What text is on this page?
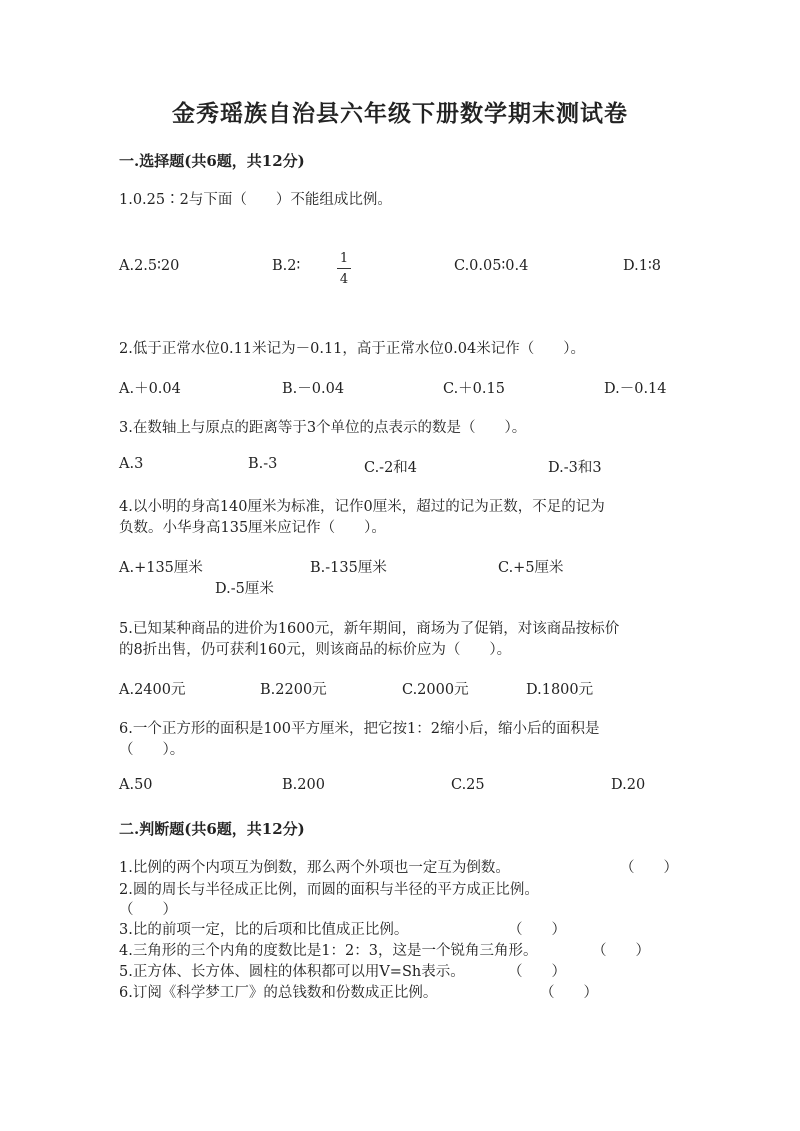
金秀瑶族自治县六年级下册数学期末测试卷
一.选择题(共6题，共12分)
1.0.25∶2与下面（　　）不能组成比例。
A.2.5∶20	B.2∶	1
4
C.0.05∶0.4	D.1∶8
2.低于正常水位0.11米记为－0.11，高于正常水位0.04米记作（　　）。
A.＋0.04	B.－0.04	C.＋0.15	D.－0.14
3.在数轴上与原点的距离等于3个单位的点表示的数是（　　）。
A.3	B.-3	C.-2和4	D.-3和3
4.以小明的身高140厘米为标准，记作0厘米，超过的记为正数，不足的记为
负数。小华身高135厘米应记作（　　）。
A.+135厘米	B.-135厘米	C.+5厘米
D.-5厘米
5.已知某种商品的进价为1600元，新年期间，商场为了促销，对该商品按标价
的8折出售，仍可获利160元，则该商品的标价应为（　　）。
A.2400元	B.2200元	C.2000元	D.1800元
6.一个正方形的面积是100平方厘米，把它按1：2缩小后，缩小后的面积是
（　　）。
A.50	B.200	C.25	D.20
二.判断题(共6题，共12分)
1.比例的两个内项互为倒数，那么两个外项也一定互为倒数。	（　　）
2.圆的周长与半径成正比例，而圆的面积与半径的平方成正比例。
（　　）
3.比的前项一定，比的后项和比值成正比例。	（　　）
4.三角形的三个内角的度数比是1：2：3，这是一个锐角三角形。	（　　）
5.正方体、长方体、圆柱的体积都可以用V=Sh表示。	（　　）
6.订阅《科学梦工厂》的总钱数和份数成正比例。	（　　）
